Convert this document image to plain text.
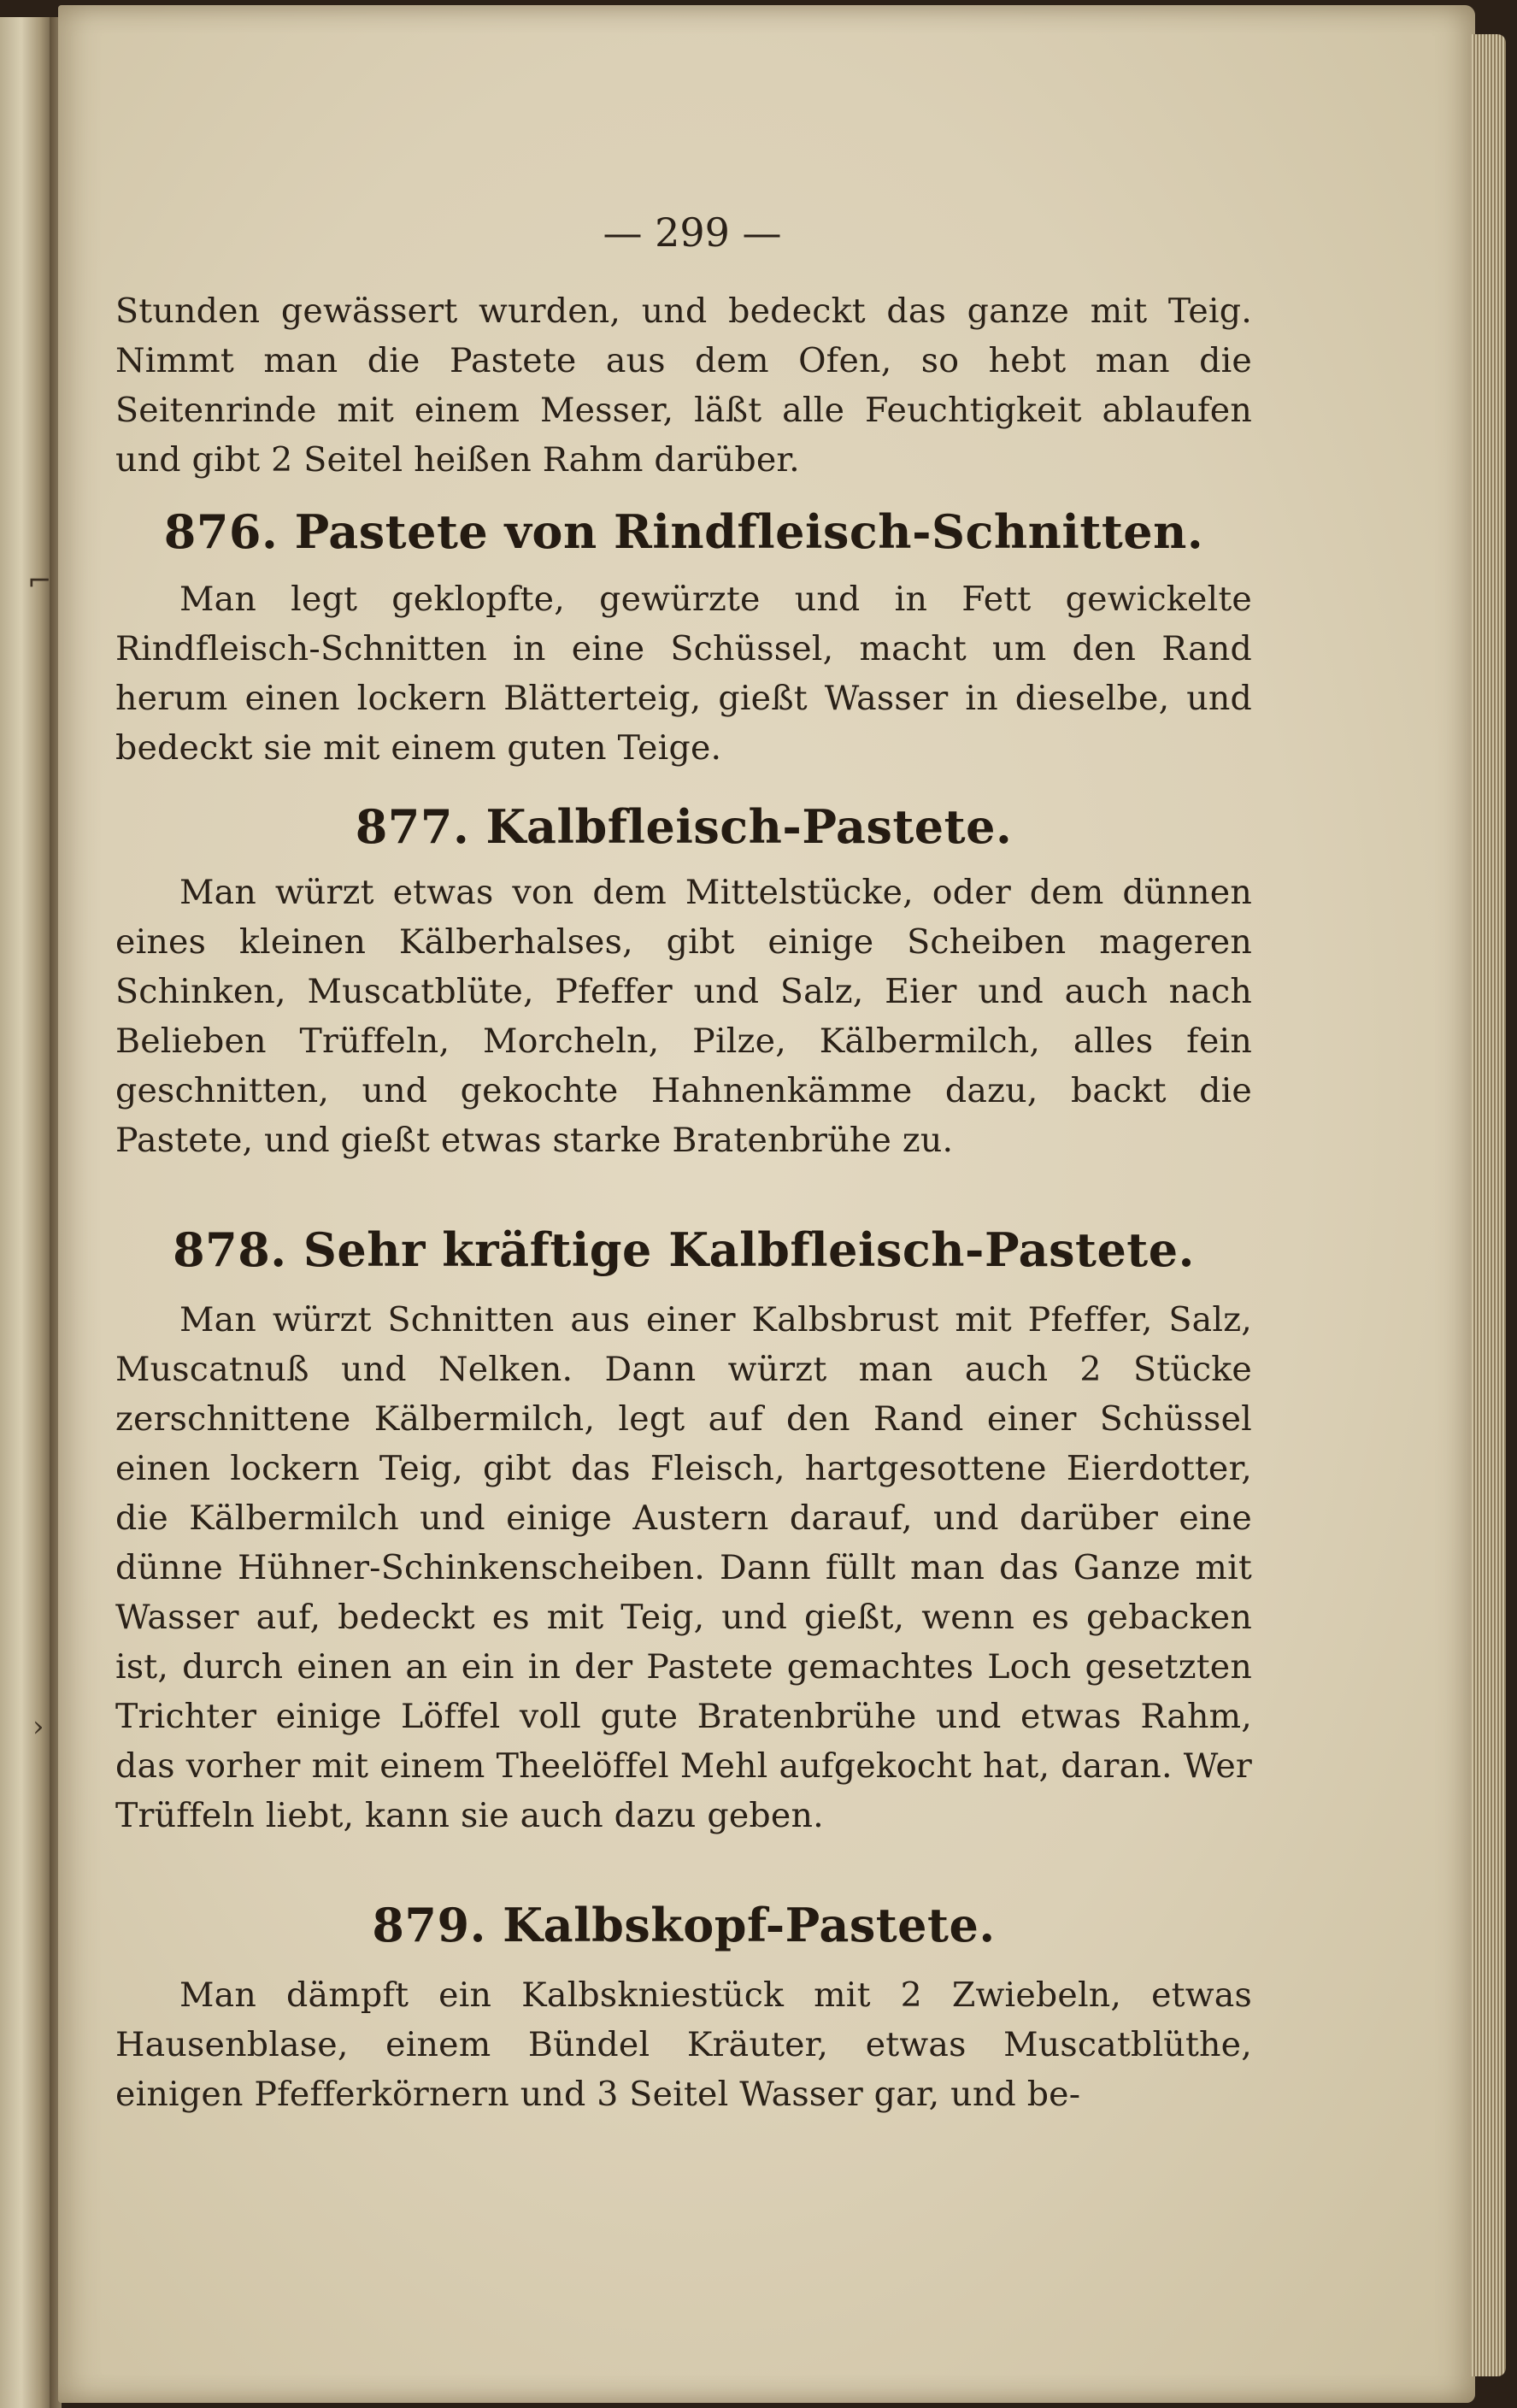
— 299 —
Stunden gewässert wurden, und bedeckt das ganze mit Teig. Nimmt man die Pastete aus dem Ofen, so hebt man die Seitenrinde mit einem Messer, läßt alle Feuchtigkeit ablaufen und gibt 2 Seitel heißen Rahm darüber.
876. Pastete von Rindfleisch-Schnitten.
Man legt geklopfte, gewürzte und in Fett gewickelte Rindfleisch-Schnitten in eine Schüssel, macht um den Rand herum einen lockern Blätterteig, gießt Wasser in dieselbe, und bedeckt sie mit einem guten Teige.
877. Kalbfleisch-Pastete.
Man würzt etwas von dem Mittelstücke, oder dem dünnen eines kleinen Kälberhalses, gibt einige Scheiben mageren Schinken, Muscatblüte, Pfeffer und Salz, Eier und auch nach Belieben Trüffeln, Morcheln, Pilze, Kälbermilch, alles fein geschnitten, und gekochte Hahnenkämme dazu, backt die Pastete, und gießt etwas starke Bratenbrühe zu.
878. Sehr kräftige Kalbfleisch-Pastete.
Man würzt Schnitten aus einer Kalbsbrust mit Pfeffer, Salz, Muscatnuß und Nelken. Dann würzt man auch 2 Stücke zerschnittene Kälbermilch, legt auf den Rand einer Schüssel einen lockern Teig, gibt das Fleisch, hartgesottene Eierdotter, die Kälbermilch und einige Austern darauf, und darüber eine dünne Hühner-Schinkenscheiben. Dann füllt man das Ganze mit Wasser auf, bedeckt es mit Teig, und gießt, wenn es gebacken ist, durch einen an ein in der Pastete gemachtes Loch gesetzten Trichter einige Löffel voll gute Bratenbrühe und etwas Rahm, das vorher mit einem Theelöffel Mehl aufgekocht hat, daran. Wer Trüffeln liebt, kann sie auch dazu geben.
879. Kalbskopf-Pastete.
Man dämpft ein Kalbskniestück mit 2 Zwiebeln, etwas Hausenblase, einem Bündel Kräuter, etwas Muscatblüthe, einigen Pfefferkörnern und 3 Seitel Wasser gar, und be-
⌐
›
